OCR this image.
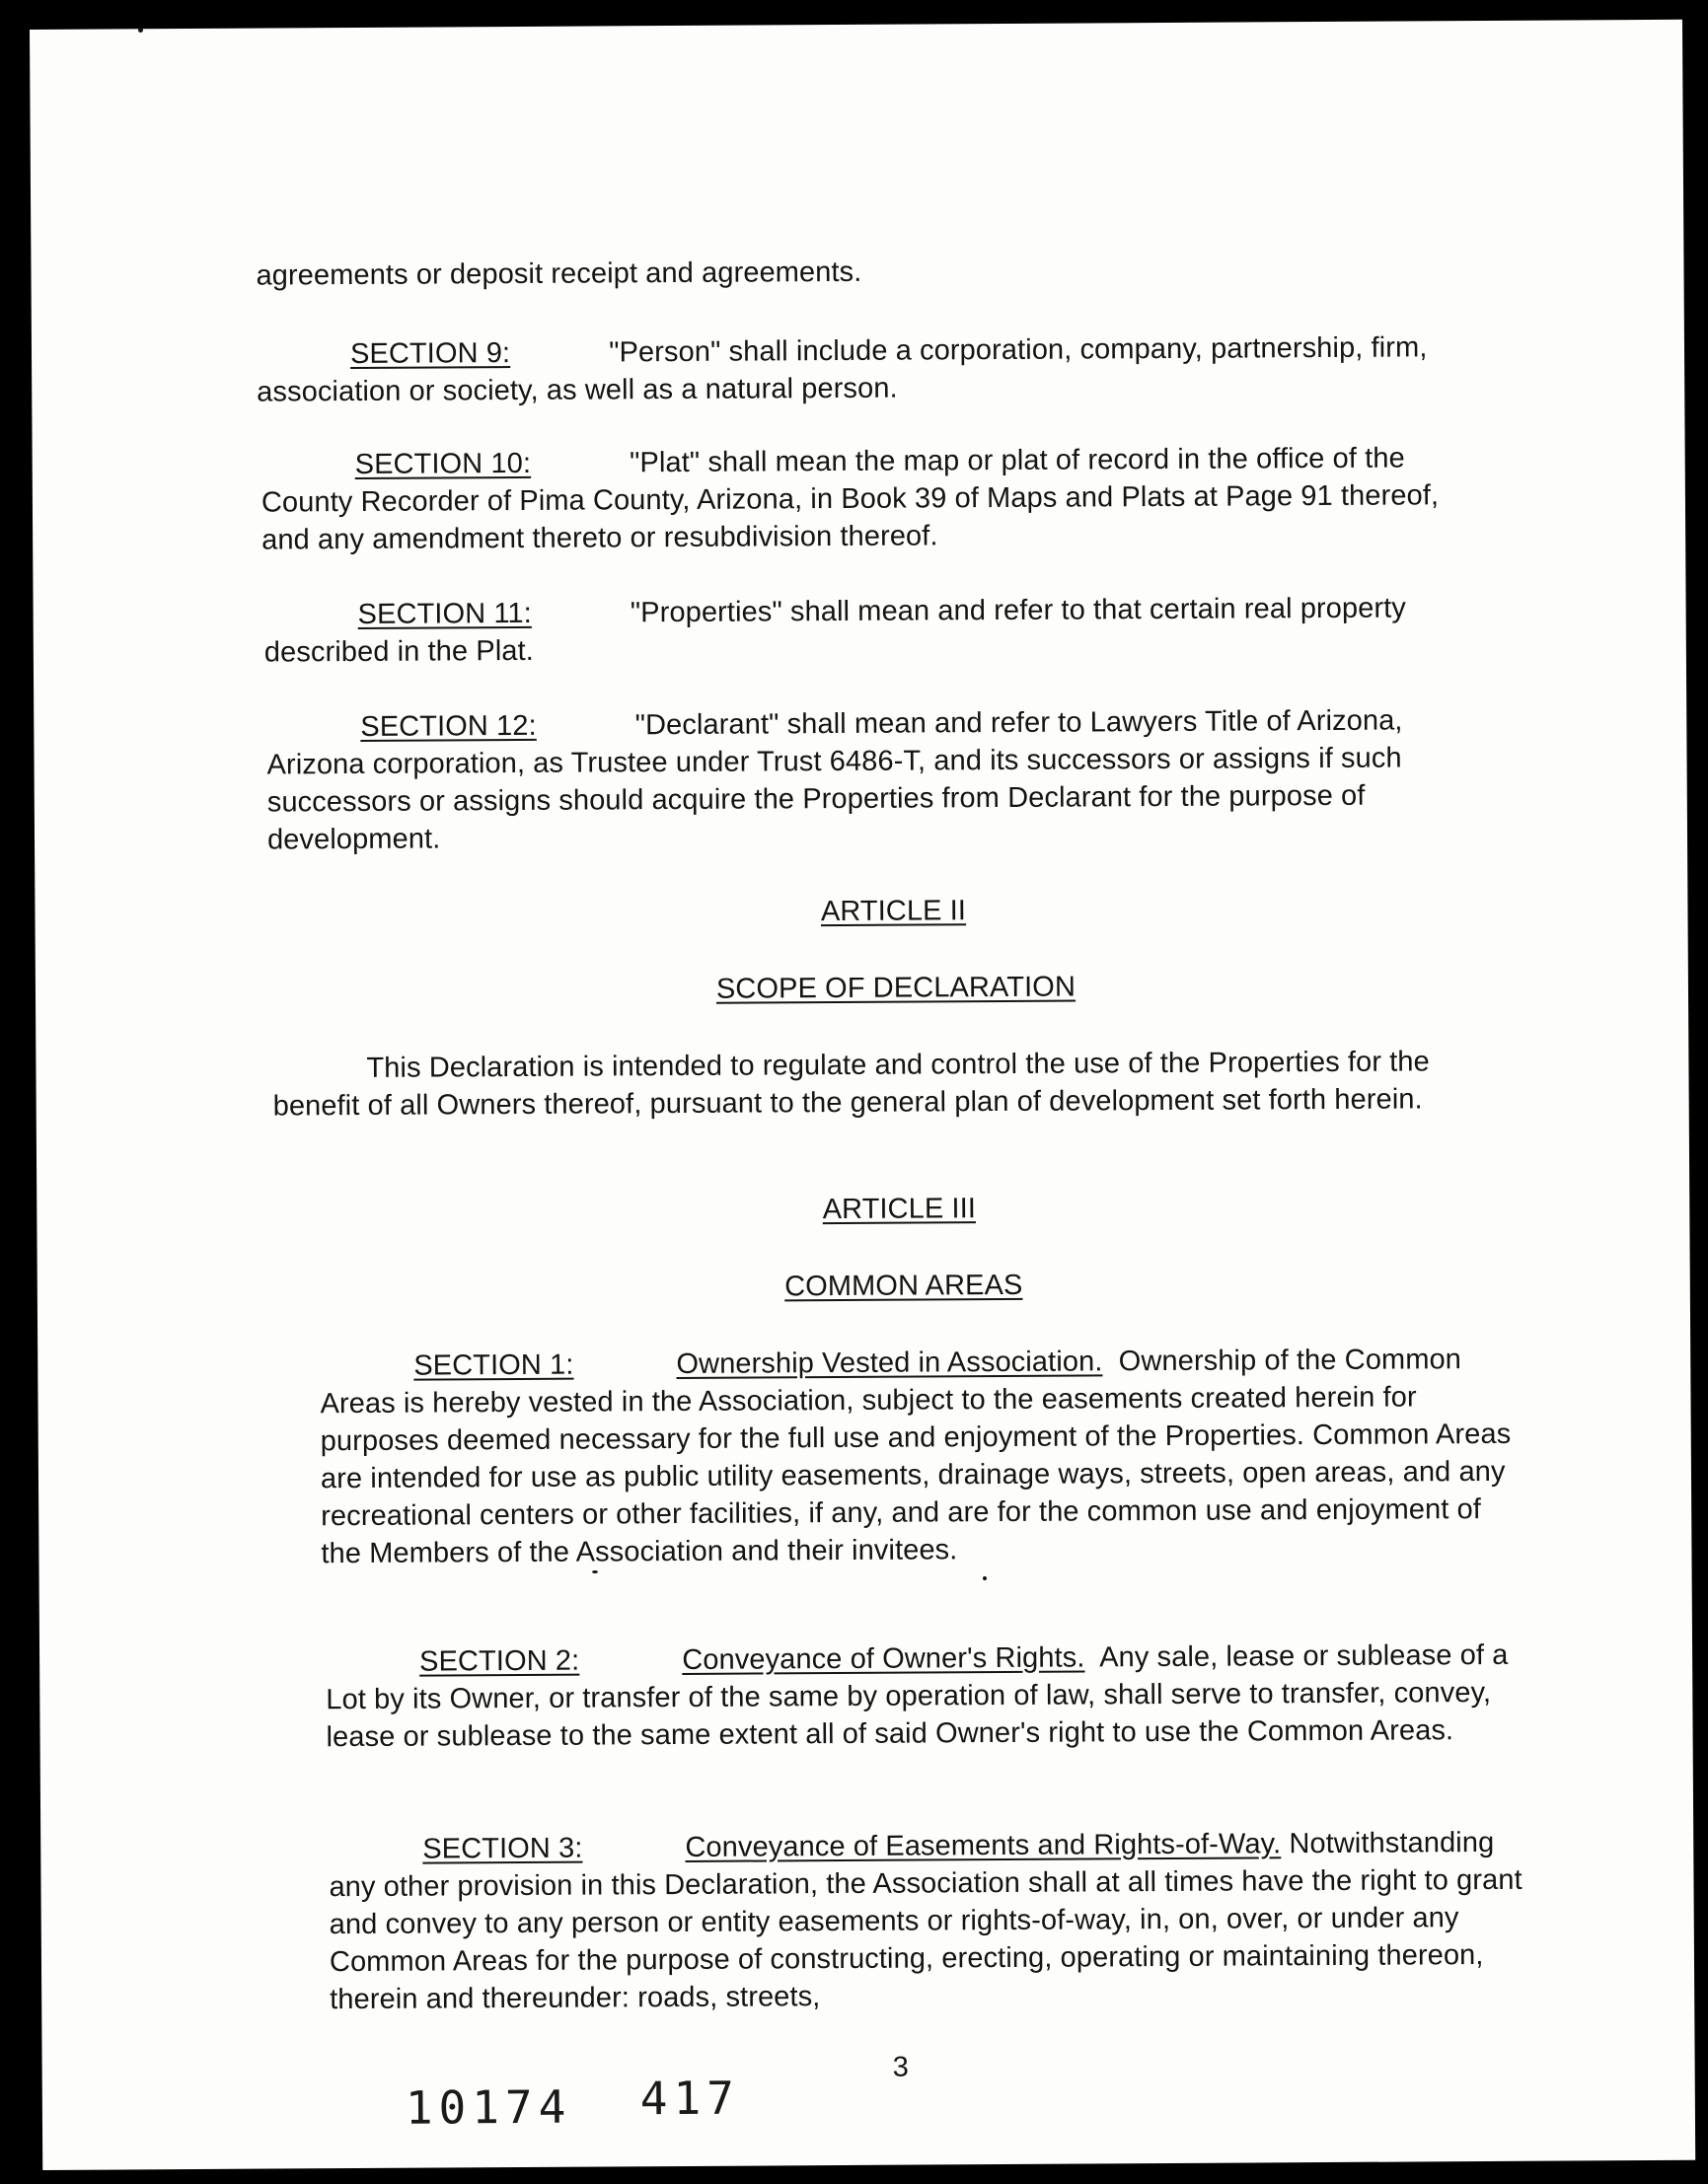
agreements or deposit receipt and agreements.

SECTION 9:	"Person" shall include a corporation, company, partnership, firm, association or society, as well as a natural person.

SECTION 10:	"Plat" shall mean the map or plat of record in the office of the County Recorder of Pima County, Arizona, in Book 39 of Maps and Plats at Page 91 thereof, and any amendment thereto or resubdivision thereof.

SECTION 11:	"Properties" shall mean and refer to that certain real property described in the Plat.

SECTION 12:	"Declarant" shall mean and refer to Lawyers Title of Arizona, Arizona corporation, as Trustee under Trust 6486-T, and its successors or assigns if such successors or assigns should acquire the Properties from Declarant for the purpose of development.

ARTICLE II
SCOPE OF DECLARATION

This Declaration is intended to regulate and control the use of the Properties for the benefit of all Owners thereof, pursuant to the general plan of development set forth herein.

ARTICLE III
COMMON AREAS

SECTION 1:	Ownership Vested in Association. Ownership of the Common Areas is hereby vested in the Association, subject to the easements created herein for purposes deemed necessary for the full use and enjoyment of the Properties. Common Areas are intended for use as public utility easements, drainage ways, streets, open areas, and any recreational centers or other facilities, if any, and are for the common use and enjoyment of the Members of the Association and their invitees.

SECTION 2:	Conveyance of Owner's Rights. Any sale, lease or sublease of a Lot by its Owner, or transfer of the same by operation of law, shall serve to transfer, convey, lease or sublease to the same extent all of said Owner's right to use the Common Areas.

SECTION 3:	Conveyance of Easements and Rights-of-Way. Notwithstanding any other provision in this Declaration, the Association shall at all times have the right to grant and convey to any person or entity easements or rights-of-way, in, on, over, or under any Common Areas for the purpose of constructing, erecting, operating or maintaining thereon, therein and thereunder: roads, streets,

3
10174 417
